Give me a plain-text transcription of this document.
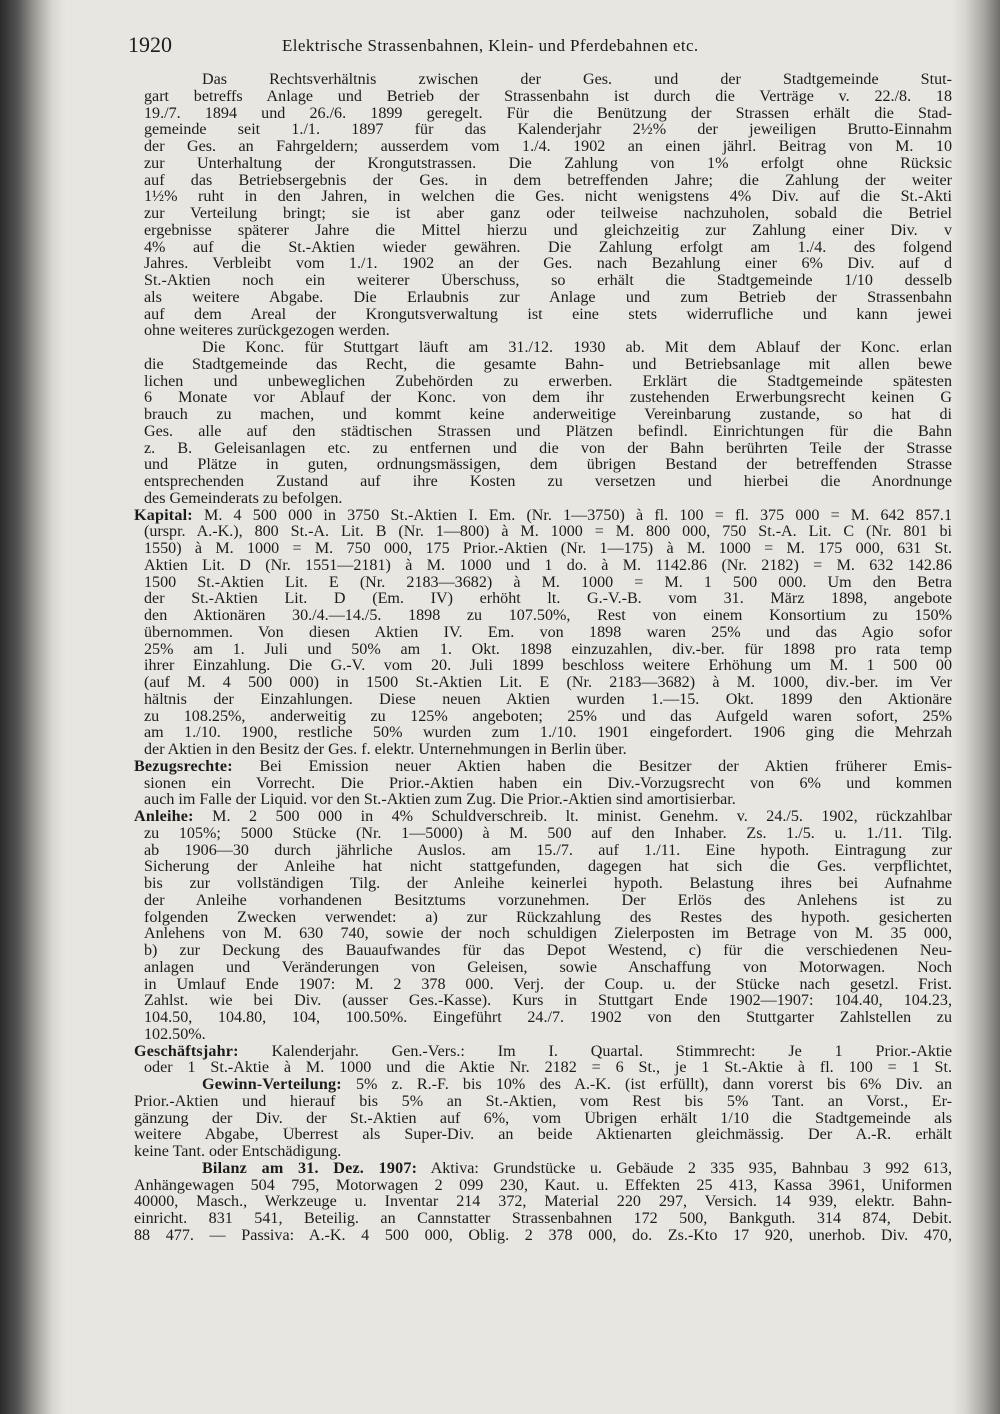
1920	Elektrische Strassenbahnen, Klein- und Pferdebahnen etc.
Das Rechtsverhältnis zwischen der Ges. und der Stadtgemeinde Stut-
gart betreffs Anlage und Betrieb der Strassenbahn ist durch die Verträge v. 22./8. 18
19./7. 1894 und 26./6. 1899 geregelt. Für die Benützung der Strassen erhält die Stad-
gemeinde seit 1./1. 1897 für das Kalenderjahr 2½% der jeweiligen Brutto-Einnahm
der Ges. an Fahrgeldern; ausserdem vom 1./4. 1902 an einen jährl. Beitrag von M. 10
zur Unterhaltung der Krongutstrassen. Die Zahlung von 1% erfolgt ohne Rücksic
auf das Betriebsergebnis der Ges. in dem betreffenden Jahre; die Zahlung der weiter
1½% ruht in den Jahren, in welchen die Ges. nicht wenigstens 4% Div. auf die St.-Akti
zur Verteilung bringt; sie ist aber ganz oder teilweise nachzuholen, sobald die Betriel
ergebnisse späterer Jahre die Mittel hierzu und gleichzeitig zur Zahlung einer Div. v
4% auf die St.-Aktien wieder gewähren. Die Zahlung erfolgt am 1./4. des folgend
Jahres. Verbleibt vom 1./1. 1902 an der Ges. nach Bezahlung einer 6% Div. auf d
St.-Aktien noch ein weiterer Überschuss, so erhält die Stadtgemeinde 1/10 desselb
als weitere Abgabe. Die Erlaubnis zur Anlage und zum Betrieb der Strassenbahn
auf dem Areal der Krongutsverwaltung ist eine stets widerrufliche und kann jewei
ohne weiteres zurückgezogen werden.
Die Konc. für Stuttgart läuft am 31./12. 1930 ab. Mit dem Ablauf der Konc. erlan
die Stadtgemeinde das Recht, die gesamte Bahn- und Betriebsanlage mit allen bewe
lichen und unbeweglichen Zubehörden zu erwerben. Erklärt die Stadtgemeinde spätesten
6 Monate vor Ablauf der Konc. von dem ihr zustehenden Erwerbungsrecht keinen G
brauch zu machen, und kommt keine anderweitige Vereinbarung zustande, so hat di
Ges. alle auf den städtischen Strassen und Plätzen befindl. Einrichtungen für die Bahn
z. B. Geleisanlagen etc. zu entfernen und die von der Bahn berührten Teile der Strasse
und Plätze in guten, ordnungsmässigen, dem übrigen Bestand der betreffenden Strasse
entsprechenden Zustand auf ihre Kosten zu versetzen und hierbei die Anordnunge
des Gemeinderats zu befolgen.
Kapital: M. 4 500 000 in 3750 St.-Aktien I. Em. (Nr. 1—3750) à fl. 100 = fl. 375 000 = M. 642 857.1
(urspr. A.-K.), 800 St.-A. Lit. B (Nr. 1—800) à M. 1000 = M. 800 000, 750 St.-A. Lit. C (Nr. 801 bi
1550) à M. 1000 = M. 750 000, 175 Prior.-Aktien (Nr. 1—175) à M. 1000 = M. 175 000, 631 St.
Aktien Lit. D (Nr. 1551—2181) à M. 1000 und 1 do. à M. 1142.86 (Nr. 2182) = M. 632 142.86
1500 St.-Aktien Lit. E (Nr. 2183—3682) à M. 1000 = M. 1 500 000. Um den Betra
der St.-Aktien Lit. D (Em. IV) erhöht lt. G.-V.-B. vom 31. März 1898, angebote
den Aktionären 30./4.—14./5. 1898 zu 107.50%, Rest von einem Konsortium zu 150%
übernommen. Von diesen Aktien IV. Em. von 1898 waren 25% und das Agio sofor
25% am 1. Juli und 50% am 1. Okt. 1898 einzuzahlen, div.-ber. für 1898 pro rata temp
ihrer Einzahlung. Die G.-V. vom 20. Juli 1899 beschloss weitere Erhöhung um M. 1 500 00
(auf M. 4 500 000) in 1500 St.-Aktien Lit. E (Nr. 2183—3682) à M. 1000, div.-ber. im Ver
hältnis der Einzahlungen. Diese neuen Aktien wurden 1.—15. Okt. 1899 den Aktionäre
zu 108.25%, anderweitig zu 125% angeboten; 25% und das Aufgeld waren sofort, 25%
am 1./10. 1900, restliche 50% wurden zum 1./10. 1901 eingefordert. 1906 ging die Mehrzah
der Aktien in den Besitz der Ges. f. elektr. Unternehmungen in Berlin über.
Bezugsrechte: Bei Emission neuer Aktien haben die Besitzer der Aktien früherer Emis-
sionen ein Vorrecht. Die Prior.-Aktien haben ein Div.-Vorzugsrecht von 6% und kommen
auch im Falle der Liquid. vor den St.-Aktien zum Zug. Die Prior.-Aktien sind amortisierbar.
Anleihe: M. 2 500 000 in 4% Schuldverschreib. lt. minist. Genehm. v. 24./5. 1902, rückzahlbar
zu 105%; 5000 Stücke (Nr. 1—5000) à M. 500 auf den Inhaber. Zs. 1./5. u. 1./11. Tilg.
ab 1906—30 durch jährliche Auslos. am 15./7. auf 1./11. Eine hypoth. Eintragung zur
Sicherung der Anleihe hat nicht stattgefunden, dagegen hat sich die Ges. verpflichtet,
bis zur vollständigen Tilg. der Anleihe keinerlei hypoth. Belastung ihres bei Aufnahme
der Anleihe vorhandenen Besitztums vorzunehmen. Der Erlös des Anlehens ist zu
folgenden Zwecken verwendet: a) zur Rückzahlung des Restes des hypoth. gesicherten
Anlehens von M. 630 740, sowie der noch schuldigen Zielerposten im Betrage von M. 35 000,
b) zur Deckung des Bauaufwandes für das Depot Westend, c) für die verschiedenen Neu-
anlagen und Veränderungen von Geleisen, sowie Anschaffung von Motorwagen. Noch
in Umlauf Ende 1907: M. 2 378 000. Verj. der Coup. u. der Stücke nach gesetzl. Frist.
Zahlst. wie bei Div. (ausser Ges.-Kasse). Kurs in Stuttgart Ende 1902—1907: 104.40, 104.23,
104.50, 104.80, 104, 100.50%. Eingeführt 24./7. 1902 von den Stuttgarter Zahlstellen zu
102.50%.
Geschäftsjahr: Kalenderjahr. Gen.-Vers.: Im I. Quartal. Stimmrecht: Je 1 Prior.-Aktie
oder 1 St.-Aktie à M. 1000 und die Aktie Nr. 2182 = 6 St., je 1 St.-Aktie à fl. 100 = 1 St.
Gewinn-Verteilung: 5% z. R.-F. bis 10% des A.-K. (ist erfüllt), dann vorerst bis 6% Div. an
Prior.-Aktien und hierauf bis 5% an St.-Aktien, vom Rest bis 5% Tant. an Vorst., Er-
gänzung der Div. der St.-Aktien auf 6%, vom Übrigen erhält 1/10 die Stadtgemeinde als
weitere Abgabe, Überrest als Super-Div. an beide Aktienarten gleichmässig. Der A.-R. erhält
keine Tant. oder Entschädigung.
Bilanz am 31. Dez. 1907: Aktiva: Grundstücke u. Gebäude 2 335 935, Bahnbau 3 992 613,
Anhängewagen 504 795, Motorwagen 2 099 230, Kaut. u. Effekten 25 413, Kassa 3961, Uniformen
40000, Masch., Werkzeuge u. Inventar 214 372, Material 220 297, Versich. 14 939, elektr. Bahn-
einricht. 831 541, Beteilig. an Cannstatter Strassenbahnen 172 500, Bankguth. 314 874, Debit.
88 477. — Passiva: A.-K. 4 500 000, Oblig. 2 378 000, do. Zs.-Kto 17 920, unerhob. Div. 470,
